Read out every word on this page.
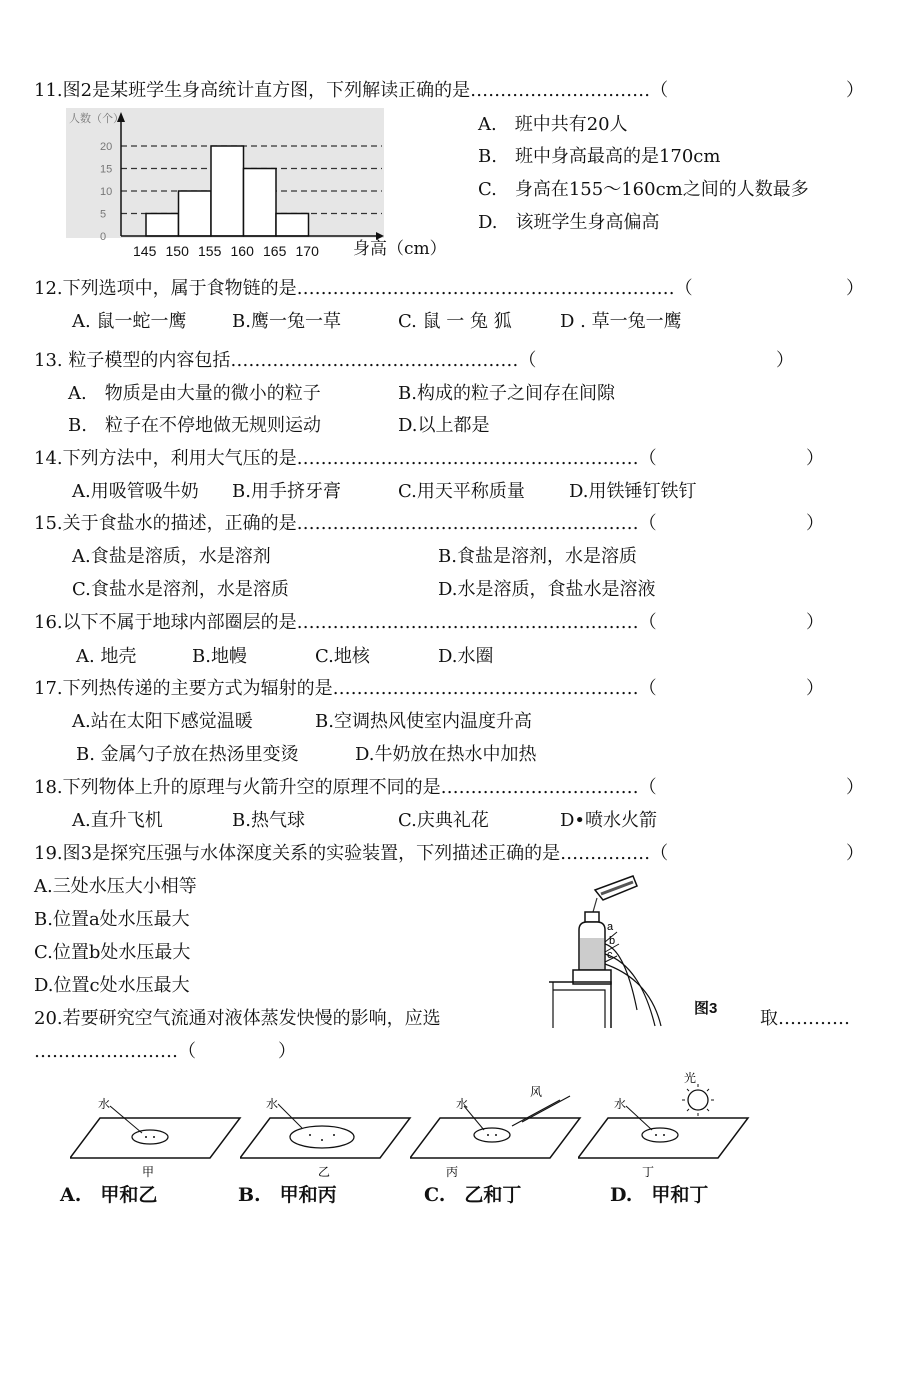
11.图2是某班学生身高统计直方图，下列解读正确的是…………………………（	）
人数（个）
0
5
10
15
20
145 150 155 160 165 170 身高（cm）
A.　班中共有20人
B.　班中身高最高的是170cm
C.　身高在155～160cm之间的人数最多
D.　该班学生身高偏高
12.下列选项中，属于食物链的是………………………………………………………（	）
A. 鼠一蛇一鹰	B.鹰一兔一草	C. 鼠 一 兔 狐	D . 草一兔一鹰
13. 粒子模型的内容包括…………………………………………（	）
A.　物质是由大量的微小的粒子	B.构成的粒子之间存在间隙
B.　粒子在不停地做无规则运动	D.以上都是
14.下列方法中，利用大气压的是…………………………………………………（	）
A.用吸管吸牛奶 B.用手挤牙膏	C.用天平称质量 D.用铁锤钉铁钉
15.关于食盐水的描述，正确的是…………………………………………………（	）
A.食盐是溶质，水是溶剂	B.食盐是溶剂，水是溶质
C.食盐水是溶剂，水是溶质	D.水是溶质，食盐水是溶液
16.以下不属于地球内部圈层的是…………………………………………………（	）
A. 地壳	B.地幔	C.地核	D.水圈
17.下列热传递的主要方式为辐射的是……………………………………………（	）
A.站在太阳下感觉温暖	B.空调热风使室内温度升高
B. 金属勺子放在热汤里变烫	D.牛奶放在热水中加热
18.下列物体上升的原理与火箭升空的原理不同的是……………………………（	）
A.直升飞机	B.热气球	C.庆典礼花	D•喷水火箭
19.图3是探究压强与水体深度关系的实验装置，下列描述正确的是……………（	）
A.三处水压大小相等
B.位置a处水压最大
C.位置b处水压最大
D.位置c处水压最大
a
b
c
图3
20.若要研究空气流通对液体蒸发快慢的影响，应选	取…………
……………………（	）
水
甲
水
乙
水
风
丙
水
光
丁
A.　甲和乙	B.　甲和丙	C.　乙和丁	D.　甲和丁
